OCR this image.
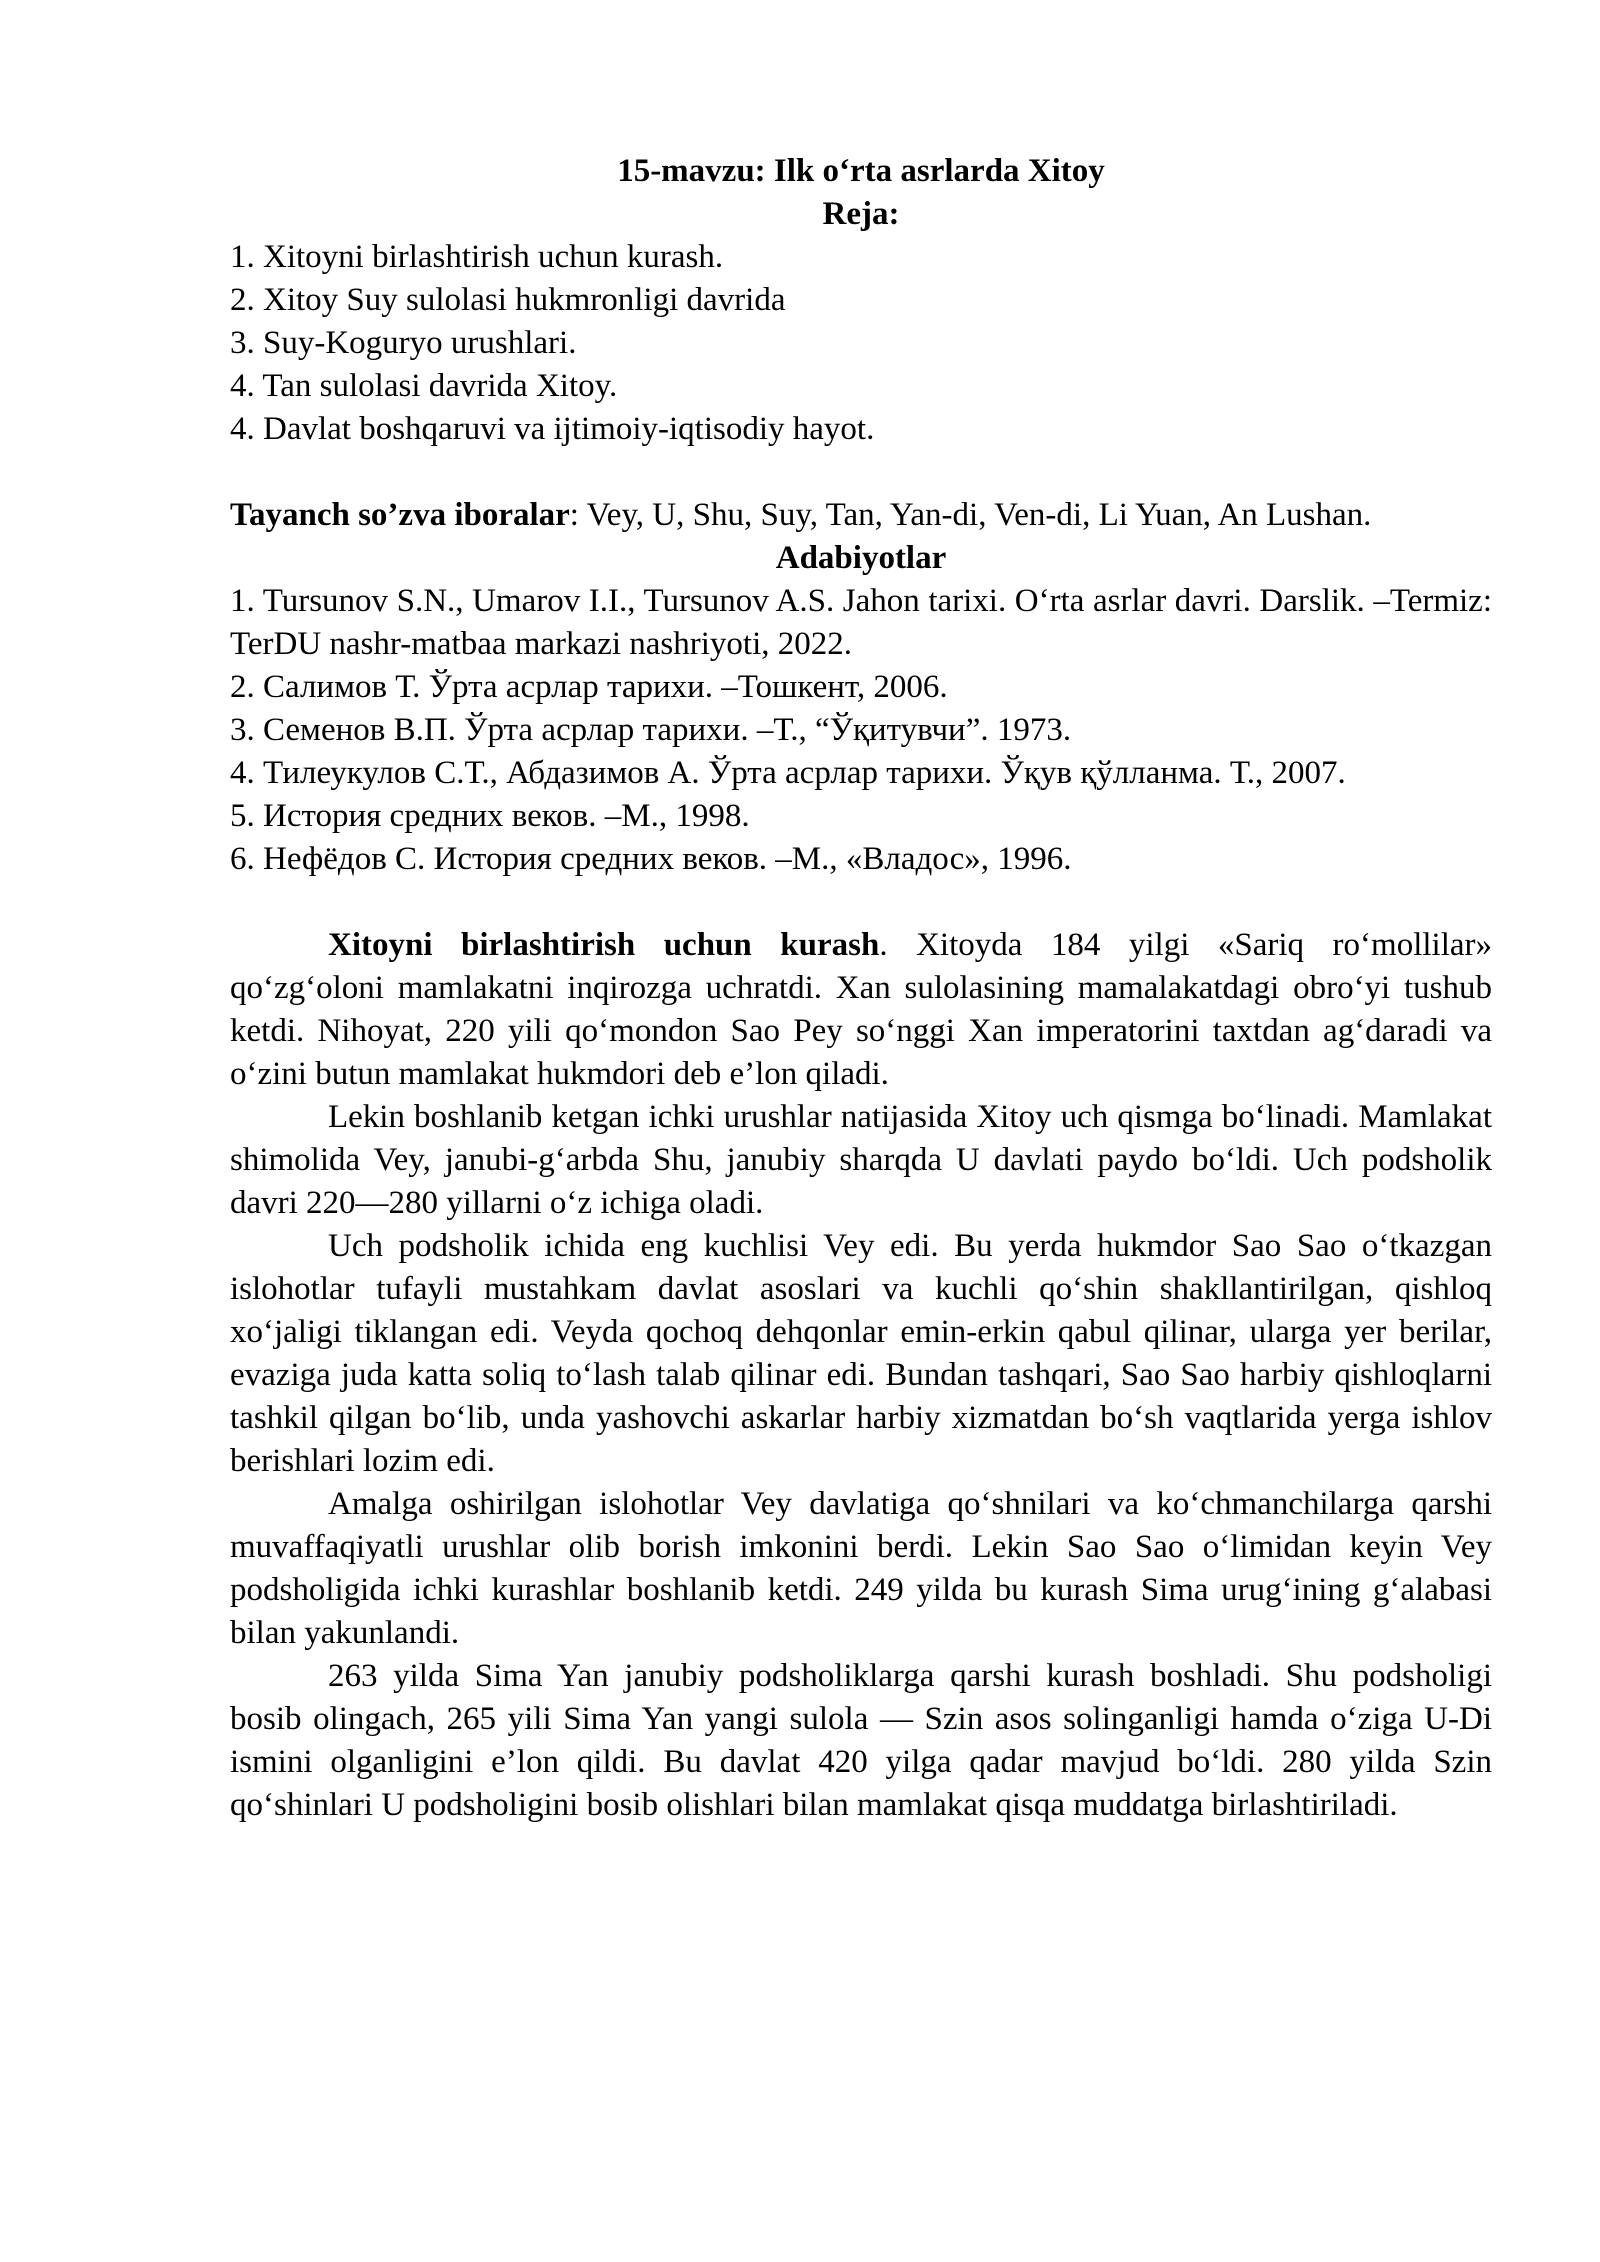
15-mavzu: Ilk o‘rta asrlarda Xitoy
Reja:
1. Xitoyni birlashtirish uchun kurash.
2. Xitoy Suy sulolasi hukmronligi davrida
3. Suy-Koguryo urushlari.
4. Tan sulolasi davrida Xitoy.
4. Davlat boshqaruvi va ijtimoiy-iqtisodiy hayot.
Tayanch so’zva iboralar: Vey, U, Shu, Suy, Tan, Yan-di, Ven-di, Li Yuan, An Lushan.
Adabiyotlar
1. Tursunov S.N., Umarov I.I., Tursunov A.S. Jahon tarixi. O‘rta asrlar davri. Darslik. –Termiz: TerDU nashr-matbaa markazi nashriyoti, 2022.
2. Салимов Т. Ўрта асрлар тарихи. –Тошкент, 2006.
3. Семенов В.П. Ўрта асрлар тарихи. –Т., “Ўқитувчи”. 1973.
4. Тилеукулов С.Т., Абдазимов А. Ўрта асрлар тарихи. Ўқув қўлланма. Т., 2007.
5. История средних веков. –М., 1998.
6. Нефёдов С. История средних веков. –М., «Владос», 1996.

Xitoyni birlashtirish uchun kurash. Xitoyda 184 yilgi «Sariq ro‘mollilar» qo‘zg‘oloni mamlakatni inqirozga uchratdi. Xan sulolasining mamalakatdagi obro‘yi tushub ketdi. Nihoyat, 220 yili qo‘mondon Sao Pey so‘nggi Xan imperatorini taxtdan ag‘daradi va o‘zini butun mamlakat hukmdori deb e’lon qiladi.

Lekin boshlanib ketgan ichki urushlar natijasida Xitoy uch qismga bo‘linadi. Mamlakat shimolida Vey, janubi-g‘arbda Shu, janubiy sharqda U davlati paydo bo‘ldi. Uch podsholik davri 220—280 yillarni o‘z ichiga oladi.

Uch podsholik ichida eng kuchlisi Vey edi. Bu yerda hukmdor Sao Sao o‘tkazgan islohotlar tufayli mustahkam davlat asoslari va kuchli qo‘shin shakllantirilgan, qishloq xo‘jaligi tiklangan edi. Veyda qochoq dehqonlar emin-erkin qabul qilinar, ularga yer berilar, evaziga juda katta soliq to‘lash talab qilinar edi. Bundan tashqari, Sao Sao harbiy qishloqlarni tashkil qilgan bo‘lib, unda yashovchi askarlar harbiy xizmatdan bo‘sh vaqtlarida yerga ishlov berishlari lozim edi.

Amalga oshirilgan islohotlar Vey davlatiga qo‘shnilari va ko‘chmanchilarga qarshi muvaffaqiyatli urushlar olib borish imkonini berdi. Lekin Sao Sao o‘limidan keyin Vey podsholigida ichki kurashlar boshlanib ketdi. 249 yilda bu kurash Sima urug‘ining g‘alabasi bilan yakunlandi.

263 yilda Sima Yan janubiy podsholiklarga qarshi kurash boshladi. Shu podsholigi bosib olingach, 265 yili Sima Yan yangi sulola — Szin asos solinganligi hamda o‘ziga U-Di ismini olganligini e’lon qildi. Bu davlat 420 yilga qadar mavjud bo‘ldi. 280 yilda Szin qo‘shinlari U podsholigini bosib olishlari bilan mamlakat qisqa muddatga birlashtiriladi.
